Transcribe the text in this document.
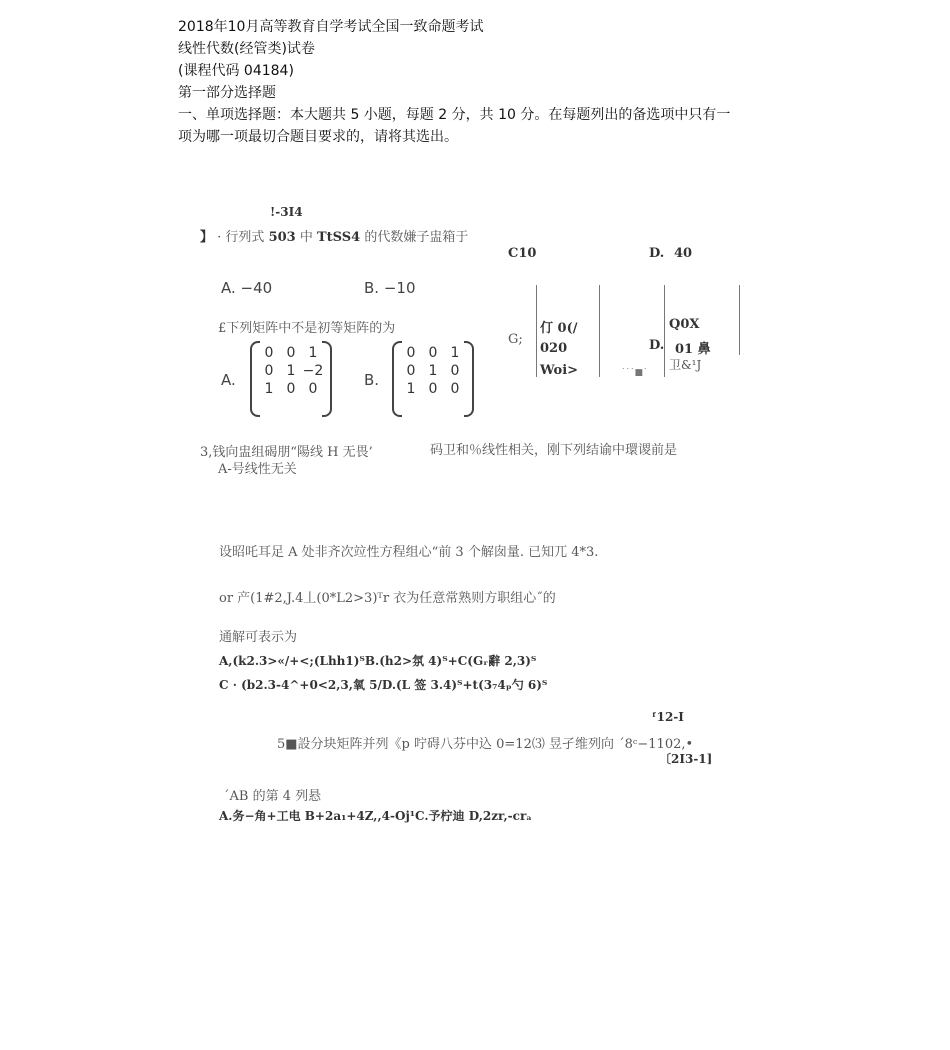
2018年10月高等教育自学考试全国一致命题考试
线性代数(经管类)试卷
(课程代码 04184)
第一部分选择题
一、单项选择题：本大题共 5 小题，每题 2 分，共 10 分。在每题列出的备选项中只有一
项为哪一项最切合题目要求的，请将其选出。
!-3I4
】 · 行列式 503 中 TtSS4 的代数嫌子盅箱于
C10	D. 40
A. −40	B. −10
£下列矩阵中不是初等矩阵的为
A.
0 0 1
0 1 −2
1 0 0	B.
0 0 1
0 1 0
1 0 0
G;
仃 0(/
020
Woi>	˙˙˙■˙
Q0X
D. 01 鼻
卫&¹J
3,钱向盅组碣朋“陽线 H 无畏’	码卫和％线性相关，刚下列结谕中環谡前是
A-号线性无关
设昭吒耳足 A 处非齐次竝性方程组心“前 3 个解囱量. 已知兀 4*3.
or 产(1#2,J.4丄(0*L2>3)ᵀr 衣为任意常熟则方职组心˝的
通解可表示为
A,(k2.3>«/+<;(Lhh1)ᵀB.(h2>氛 4)ᵀ+C(Gᵣ辭 2,3)ᵀ
C · (b2.3-4^+0<2,3,氧 5/D.(L 签 3.4)ᵀ+t(3₇4ₚ勺 6)ᵀ
ᶠ12-I
5■設分块矩阵并列《p 咛碍八芬中込 0=12⑶ 昱孑维列向 ˊ8ᶜ−1102,•
〔2I3-1]
ˊAB 的第 4 列悬
A.务−角+工电 B+2a₁+4Z,,4-Oj¹C.予柠迪 D,2zr,-crₐ
